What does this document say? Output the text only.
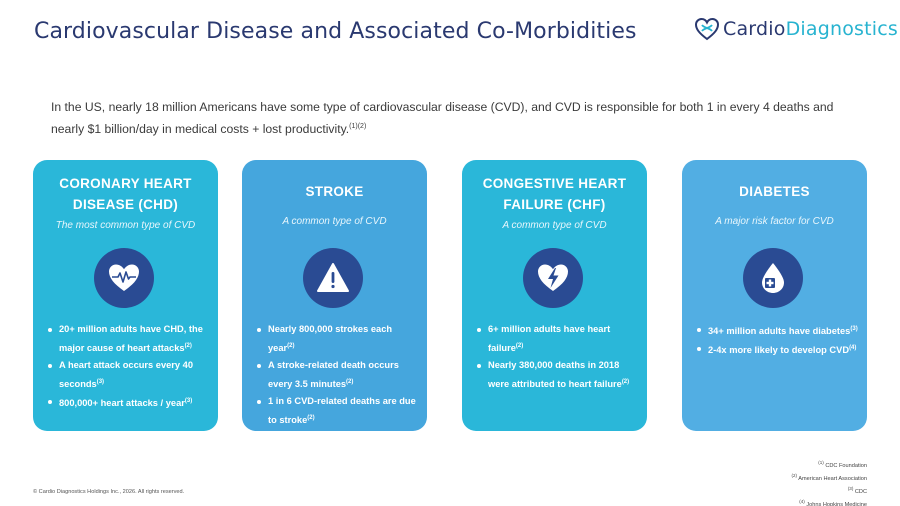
Cardiovascular Disease and Associated Co-Morbidities	CardioDiagnostics

In the US, nearly 18 million Americans have some type of cardiovascular disease (CVD), and CVD is responsible for both 1 in every 4 deaths and nearly $1 billion/day in medical costs + lost productivity.$^{(1)(2)}$

CORONARY HEART DISEASE (CHD)
The most common type of CVD
20+ million adults have CHD, the major cause of heart attacks$^{(2)}$
A heart attack occurs every 40 seconds$^{(3)}$
800,000+ heart attacks / year$^{(3)}$
STROKE
A common type of CVD
Nearly 800,000 strokes each year$^{(2)}$
A stroke-related death occurs every 3.5 minutes$^{(2)}$
1 in 6 CVD-related deaths are due to stroke$^{(2)}$
CONGESTIVE HEART FAILURE (CHF)
A common type of CVD
6+ million adults have heart failure$^{(2)}$
Nearly 380,000 deaths in 2018 were attributed to heart failure$^{(2)}$
DIABETES
A major risk factor for CVD
34+ million adults have diabetes$^{(3)}$
2-4x more likely to develop CVD$^{(4)}$
$^{(1)}$ CDC Foundation
$^{(2)}$ American Heart Association
$^{(3)}$ CDC
$^{(4)}$ Johns Hopkins Medicine
© Cardio Diagnostics Holdings Inc., 2026. All rights reserved.
